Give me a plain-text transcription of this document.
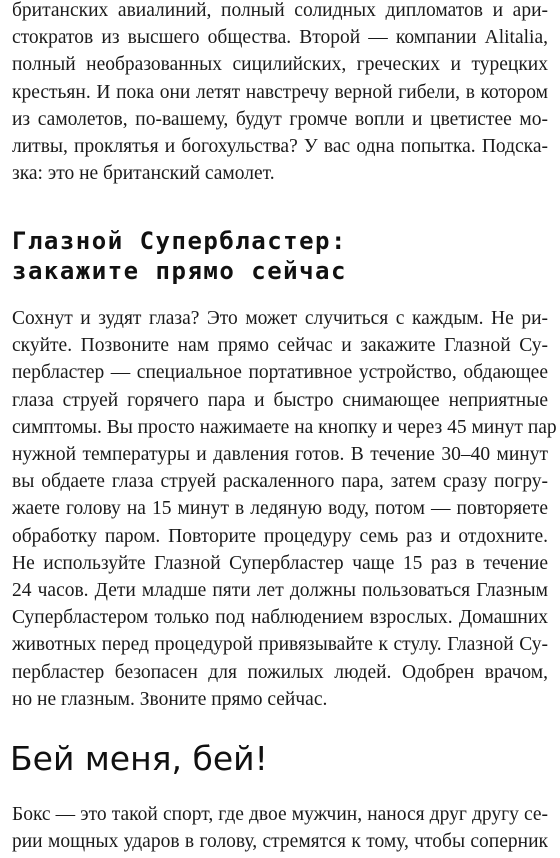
британских авиалиний, полный солидных дипломатов и ари-
стократов из высшего общества. Второй — компании Alitalia,
полный необразованных сицилийских, греческих и турецких
крестьян. И пока они летят навстречу верной гибели, в котором
из самолетов, по-вашему, будут громче вопли и цветистее мо-
литвы, проклятья и богохульства? У вас одна попытка. Подска-
зка: это не британский самолет.
Глазной Супербластер:
закажите прямо сейчас
Сохнут и зудят глаза? Это может случиться с каждым. Не ри-
скуйте. Позвоните нам прямо сейчас и закажите Глазной Су-
пербластер — специальное портативное устройство, обдающее
глаза струей горячего пара и быстро снимающее неприятные
симптомы. Вы просто нажимаете на кнопку и через 45 минут пар
нужной температуры и давления готов. В течение 30–40 минут
вы обдаете глаза струей раскаленного пара, затем сразу погру-
жаете голову на 15 минут в ледяную воду, потом — повторяете
обработку паром. Повторите процедуру семь раз и отдохните.
Не используйте Глазной Супербластер чаще 15 раз в течение
24 часов. Дети младше пяти лет должны пользоваться Глазным
Супербластером только под наблюдением взрослых. Домашних
животных перед процедурой привязывайте к стулу. Глазной Су-
пербластер безопасен для пожилых людей. Одобрен врачом,
но не глазным. Звоните прямо сейчас.
Бей меня, бей!
Бокс — это такой спорт, где двое мужчин, нанося друг другу се-
рии мощных ударов в голову, стремятся к тому, чтобы соперник
